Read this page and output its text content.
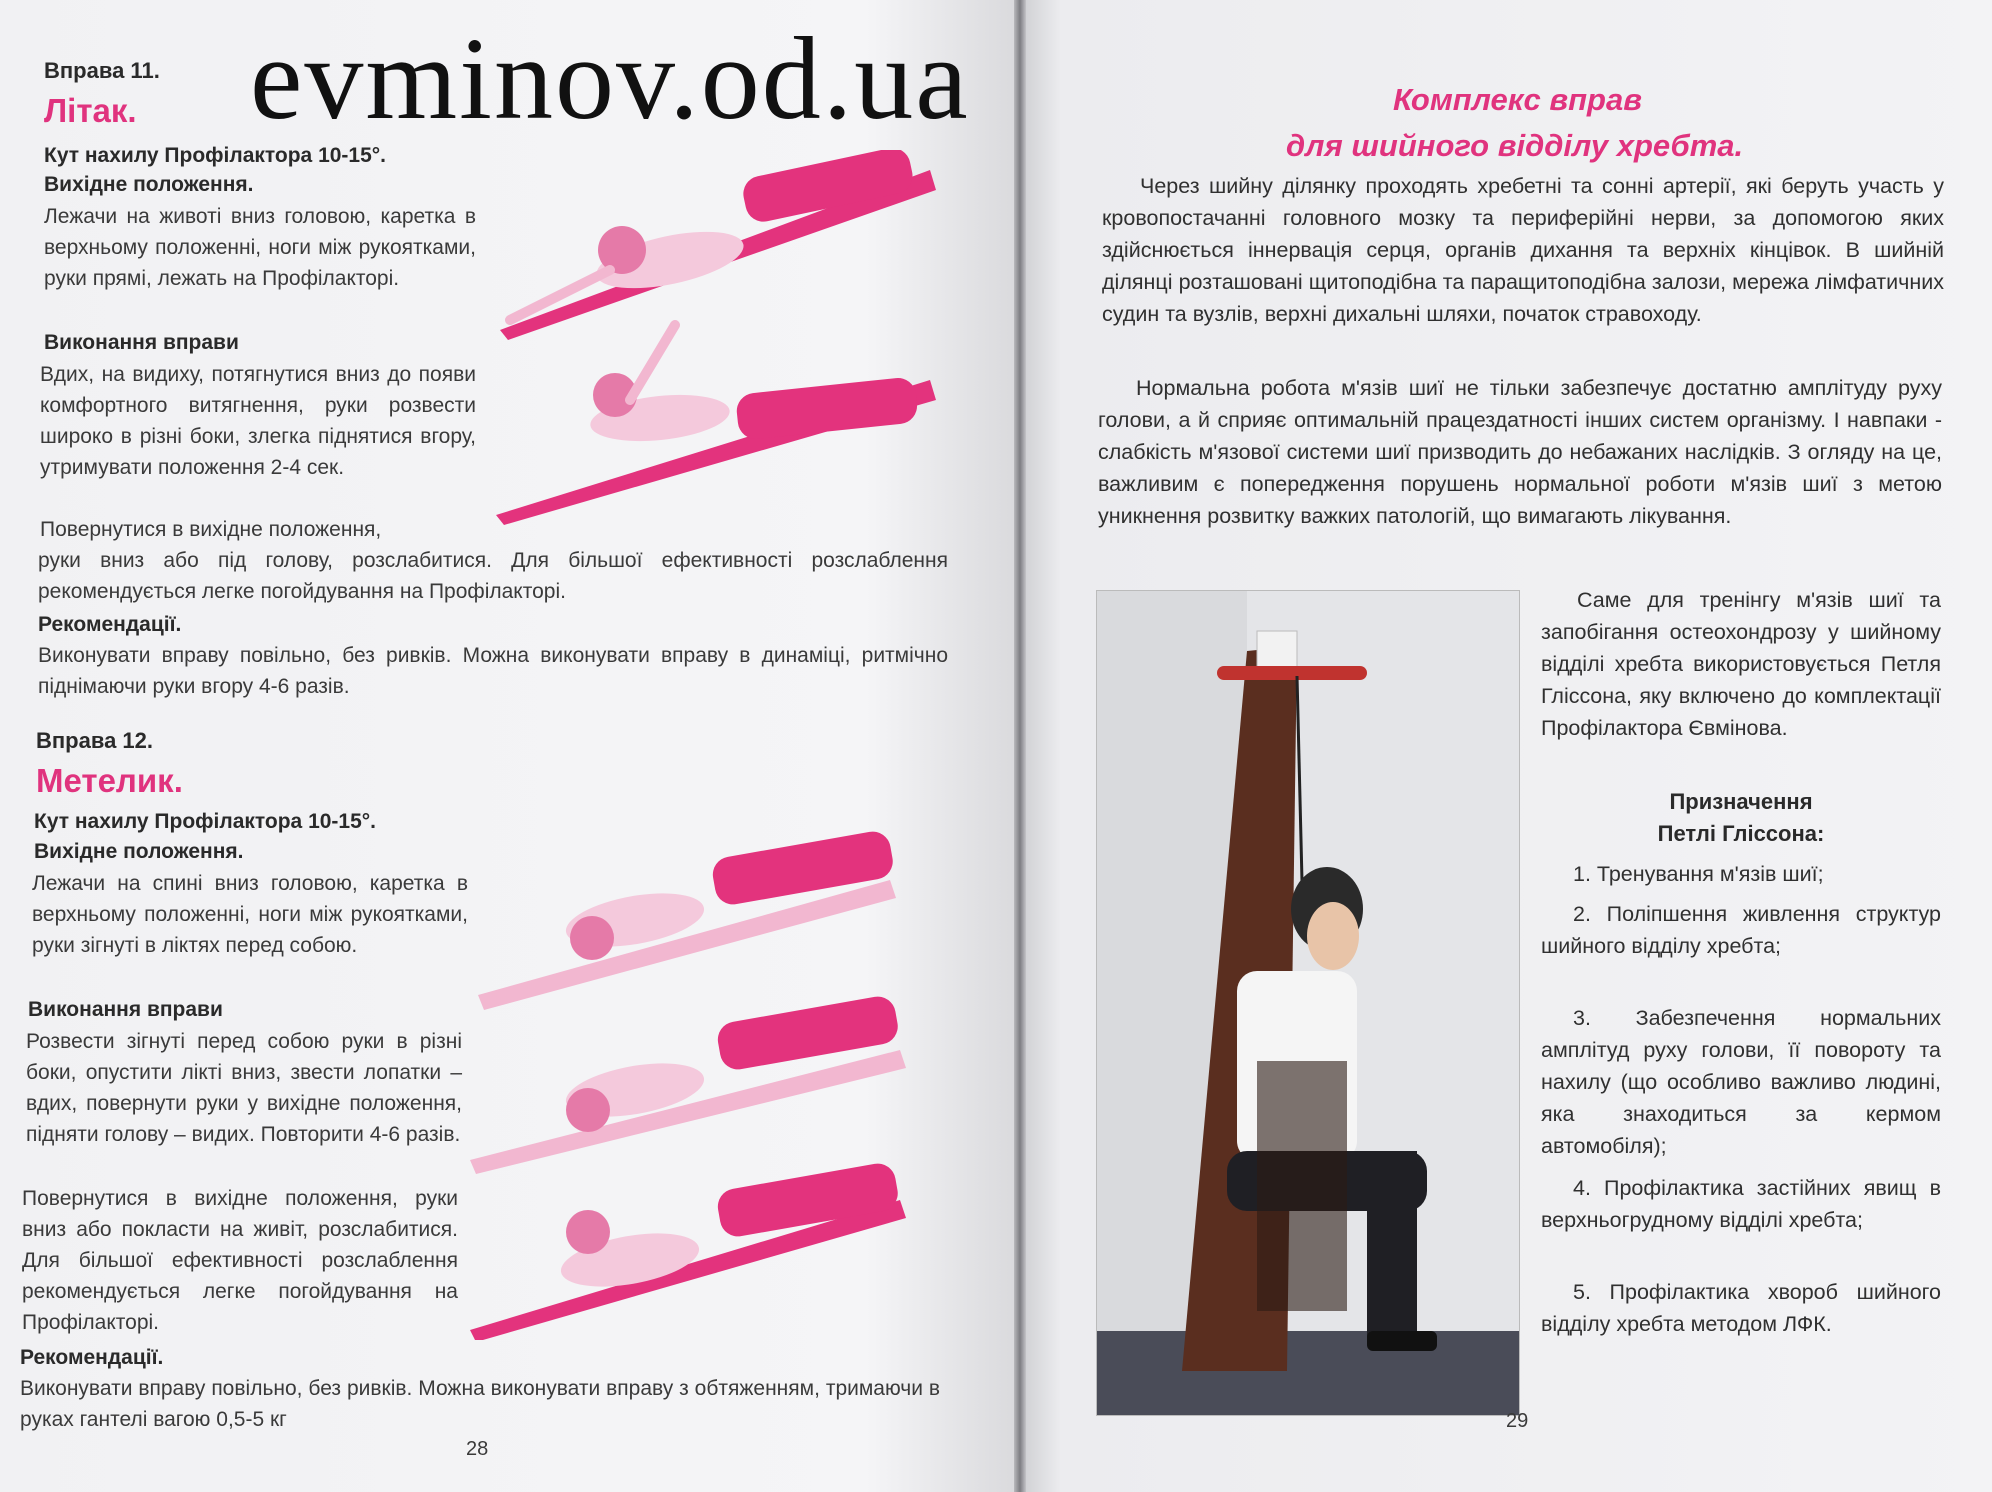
Вправа 11.
Літак.
Кут нахилу Профілактора 10-15°.
Вихідне положення.

Лежачи на животі вниз головою, каретка в верхньому положенні, ноги між рукоятками, руки прямі, лежать на Профілакторі.

Виконання вправи

Вдих, на видиху, потягнутися вниз до появи комфортного витягнення, руки розвести широко в різні боки, злегка піднятися вгору, утримувати положення 2-4 сек.

Повернутися в вихідне положення,

руки вниз або під голову, розслабитися. Для більшої ефективності розслаблення рекомендується легке погойдування на Профілакторі.

Рекомендації.

Виконувати вправу повільно, без ривків. Можна виконувати вправу в динаміці, ритмічно піднімаючи руки вгору 4-6 разів.

Вправа 12.
Метелик.
Кут нахилу Профілактора 10-15°.
Вихідне положення.

Лежачи на спині вниз головою, каретка в верхньому положенні, ноги між рукоятками, руки зігнуті в ліктях перед собою.

Виконання вправи

Розвести зігнуті перед собою руки в різні боки, опустити лікті вниз, звести лопатки – вдих, повернути руки у вихідне положення, підняти голову – видих. Повторити 4-6 разів.

Повернутися в вихідне положення, руки вниз або покласти на живіт, розслабитися. Для більшої ефективності розслаблення рекомендується легке погойдування на Профілакторі.

Рекомендації.

Виконувати вправу повільно, без ривків. Можна виконувати вправу з обтяженням, тримаючи в руках гантелі вагою 0,5-5 кг

28
evminov.od.ua	Комплекс вправ
для шийного відділу хребта.

Через шийну ділянку проходять хребетні та сонні артерії, які беруть участь у кровопостачанні головного мозку та периферійні нерви, за допомогою яких здійснюється іннервація серця, органів дихання та верхніх кінцівок. В шийній ділянці розташовані щитоподібна та паращитоподібна залози, мережа лімфатичних судин та вузлів, верхні дихальні шляхи, початок стравоходу.

Нормальна робота м'язів шиї не тільки забезпечує достатню амплітуду руху голови, а й сприяє оптимальній працездатності інших систем організму. І навпаки - слабкість м'язової системи шиї призводить до небажаних наслідків. З огляду на це, важливим є попередження порушень нормальної роботи м'язів шиї з метою уникнення розвитку важких патологій, що вимагають лікування.

Саме для тренінгу м'язів шиї та запобігання остеохондрозу у шийному відділі хребта використовується Петля Глісcона, яку включено до комплектації Профілактора Євмінова.

Призначення
Петлі Глісcона:

1. Тренування м'язів шиї;

2. Поліпшення живлення структур шийного відділу хребта;

3. Забезпечення нормальних амплітуд руху голови, її повороту та нахилу (що особливо важливо людині, яка знаходиться за кермом автомобіля);

4. Профілактика застійних явищ в верхньогрудному відділі хребта;

5. Профілактика хвороб шийного відділу хребта методом ЛФК.

29
